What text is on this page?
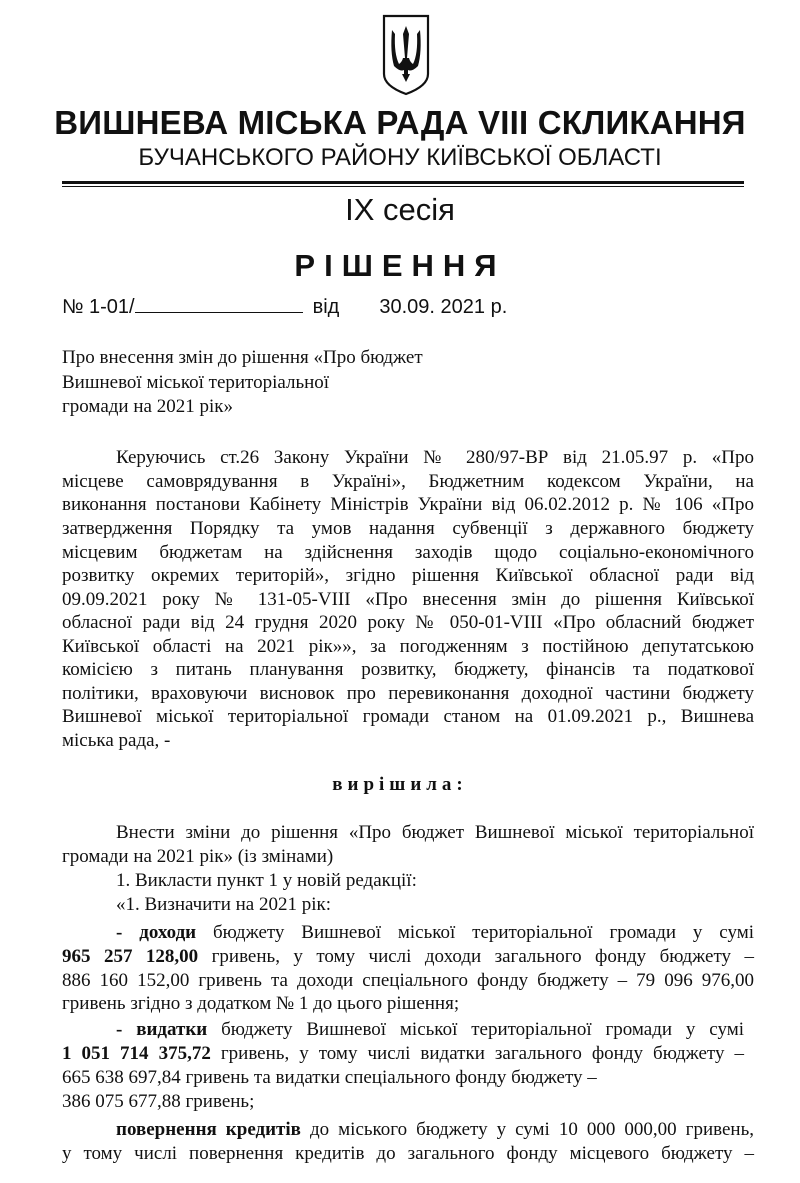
ВИШНЕВА МІСЬКА РАДА VIII СКЛИКАННЯ
БУЧАНСЬКОГО РАЙОНУ КИЇВСЬКОЇ ОБЛАСТІ
IX сесія
РІШЕННЯ
№ 1-01/	від 30.09. 2021 р.
Про внесення змін до рішення «Про бюджет
Вишневої міської територіальної
громади на 2021 рік»
Керуючись ст.26 Закону України № 280/97-ВР від 21.05.97 р. «Про
місцеве самоврядування в Україні», Бюджетним кодексом України, на
виконання постанови Кабінету Міністрів України від 06.02.2012 р. № 106 «Про
затвердження Порядку та умов надання субвенції з державного бюджету
місцевим бюджетам на здійснення заходів щодо соціально-економічного
розвитку окремих територій», згідно рішення Київської обласної ради від
09.09.2021 року № 131-05-VIII «Про внесення змін до рішення Київської
обласної ради від 24 грудня 2020 року № 050-01-VIII «Про обласний бюджет
Київської області на 2021 рік»», за погодженням з постійною депутатською
комісією з питань планування розвитку, бюджету, фінансів та податкової
політики, враховуючи висновок про перевиконання доходної частини бюджету
Вишневої міської територіальної громади станом на 01.09.2021 р., Вишнева
міська рада, -
вирішила:
Внести зміни до рішення «Про бюджет Вишневої міської територіальної
громади на 2021 рік» (із змінами)
1. Викласти пункт 1 у новій редакції:
«1. Визначити на 2021 рік:
- доходи бюджету Вишневої міської територіальної громади у сумі
965 257 128,00 гривень, у тому числі доходи загального фонду бюджету –
886 160 152,00 гривень та доходи спеціального фонду бюджету – 79 096 976,00
гривень згідно з додатком № 1 до цього рішення;
- видатки бюджету Вишневої міської територіальної громади у сумі
1 051 714 375,72 гривень, у тому числі видатки загального фонду бюджету –
665 638 697,84 гривень та видатки спеціального фонду бюджету –
386 075 677,88 гривень;
повернення кредитів до міського бюджету у сумі 10 000 000,00 гривень,
у тому числі повернення кредитів до загального фонду місцевого бюджету –
